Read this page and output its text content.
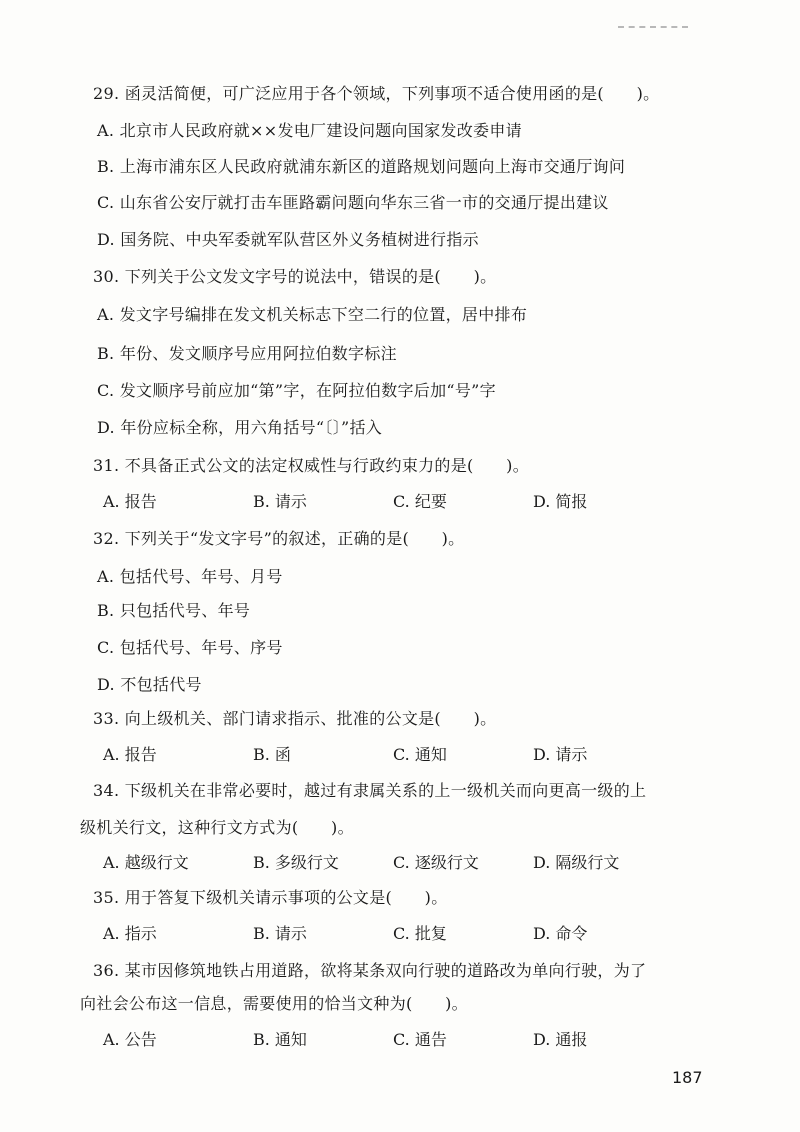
29. 函灵活简便，可广泛应用于各个领域，下列事项不适合使用函的是(　　)。
A. 北京市人民政府就××发电厂建设问题向国家发改委申请
B. 上海市浦东区人民政府就浦东新区的道路规划问题向上海市交通厅询问
C. 山东省公安厅就打击车匪路霸问题向华东三省一市的交通厅提出建议
D. 国务院、中央军委就军队营区外义务植树进行指示
30. 下列关于公文发文字号的说法中，错误的是(　　)。
A. 发文字号编排在发文机关标志下空二行的位置，居中排布
B. 年份、发文顺序号应用阿拉伯数字标注
C. 发文顺序号前应加“第”字，在阿拉伯数字后加“号”字
D. 年份应标全称，用六角括号“〔〕”括入
31. 不具备正式公文的法定权威性与行政约束力的是(　　)。
A. 报告	B. 请示	C. 纪要	D. 简报
32. 下列关于“发文字号”的叙述，正确的是(　　)。
A. 包括代号、年号、月号
B. 只包括代号、年号
C. 包括代号、年号、序号
D. 不包括代号
33. 向上级机关、部门请求指示、批准的公文是(　　)。
A. 报告	B. 函	C. 通知	D. 请示
34. 下级机关在非常必要时，越过有隶属关系的上一级机关而向更高一级的上
级机关行文，这种行文方式为(　　)。
A. 越级行文	B. 多级行文	C. 逐级行文	D. 隔级行文
35. 用于答复下级机关请示事项的公文是(　　)。
A. 指示	B. 请示	C. 批复	D. 命令
36. 某市因修筑地铁占用道路，欲将某条双向行驶的道路改为单向行驶，为了
向社会公布这一信息，需要使用的恰当文种为(　　)。
A. 公告	B. 通知	C. 通告	D. 通报
187
